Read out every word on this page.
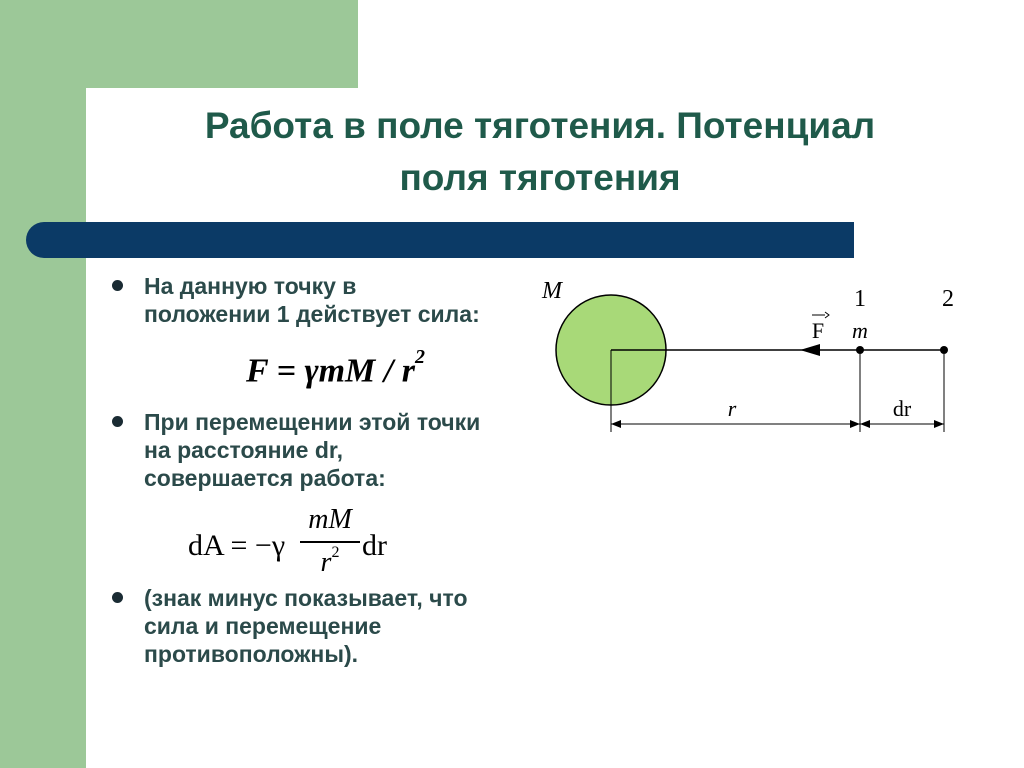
Работа в поле тяготения. Потенциал
поля тяготения
На данную точку в положении 1 действует сила:
$F = \gamma mM / r^2$
При перемещении этой точки на расстояние dr, совершается работа:
dA = −γ
mM
$r^2$ dr
(знак минус показывает, что сила и перемещение противоположны).
M	1	2
F m
r	dr
